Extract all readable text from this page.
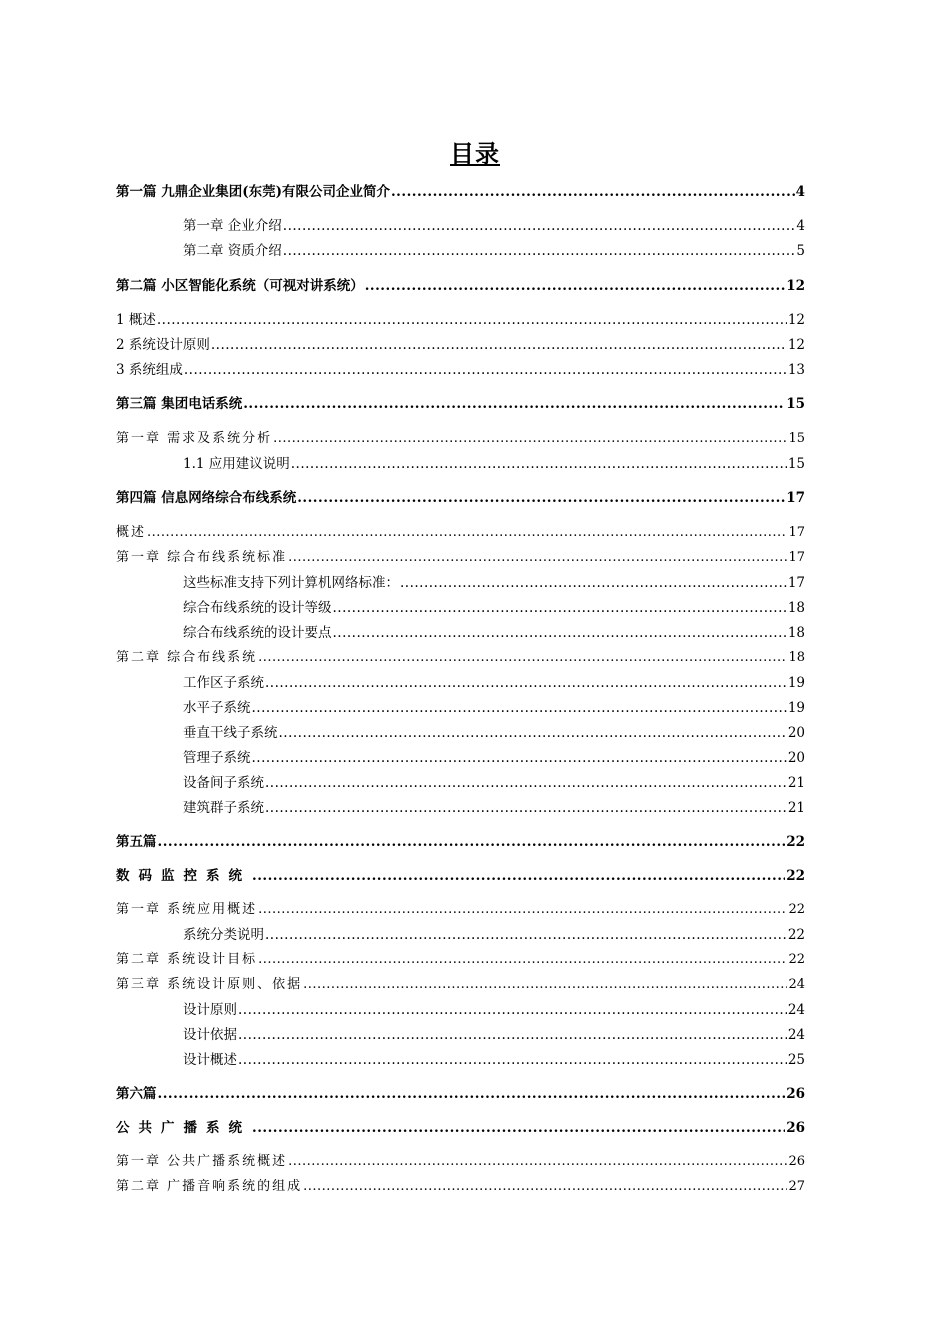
目录
第一篇 九鼎企业集团(东莞)有限公司企业简介 .....	4
第一章 企业介绍 .....	4
第二章 资质介绍 .....	5
第二篇 小区智能化系统（可视对讲系统） .....	12
1 概述 .....	12
2 系统设计原则 .....	12
3 系统组成 .....	13
第三篇 集团电话系统 .....	15
第一章 需求及系统分析 .....	15
1.1 应用建议说明 .....	15
第四篇 信息网络综合布线系统 .....	17
概述 .....	17
第一章 综合布线系统标准 .....	17
这些标准支持下列计算机网络标准： .....	17
综合布线系统的设计等级 .....	18
综合布线系统的设计要点 .....	18
第二章 综合布线系统 .....	18
工作区子系统 .....	19
水平子系统 .....	19
垂直干线子系统 .....	20
管理子系统 .....	20
设备间子系统 .....	21
建筑群子系统 .....	21
第五篇 .....	22
数码监控系统 .....	22
第一章 系统应用概述 .....	22
系统分类说明 .....	22
第二章 系统设计目标 .....	22
第三章 系统设计原则、依据 .....	24
设计原则 .....	24
设计依据 .....	24
设计概述 .....	25
第六篇 .....	26
公共广播系统 .....	26
第一章 公共广播系统概述 .....	26
第二章 广播音响系统的组成 .....	27
